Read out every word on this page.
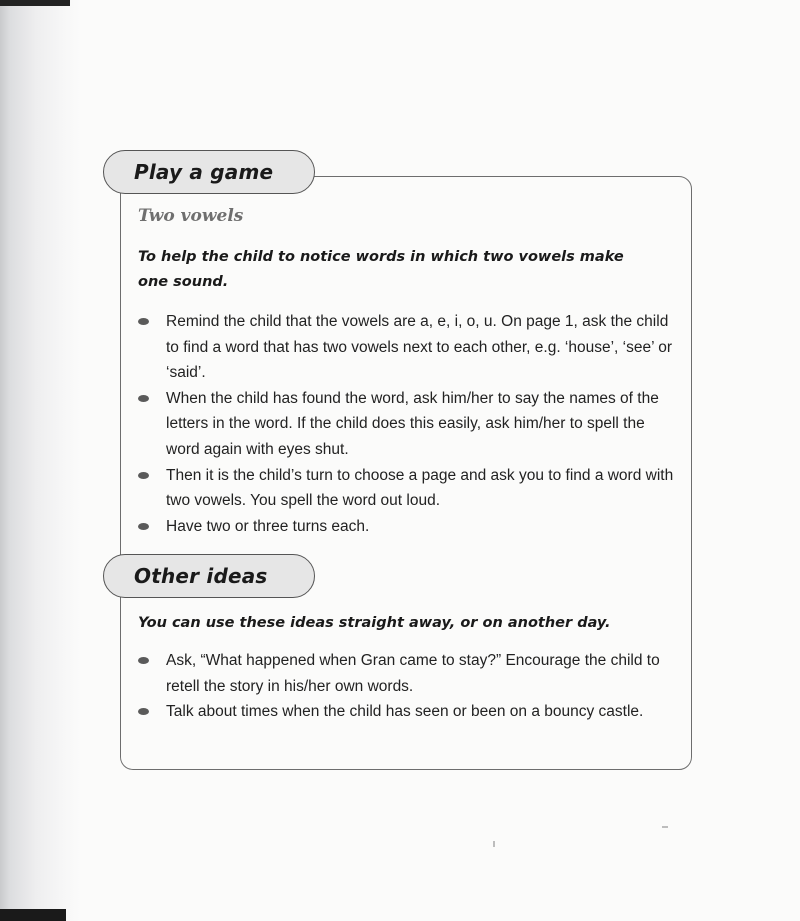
Play a game
Two vowels

To help the child to notice words in which two vowels make one sound.

Remind the child that the vowels are a, e, i, o, u. On page 1, ask the child to find a word that has two vowels next to each other, e.g. ‘house’, ‘see’ or ‘said’.
When the child has found the word, ask him/her to say the names of the letters in the word. If the child does this easily, ask him/her to spell the word again with eyes shut.
Then it is the child’s turn to choose a page and ask you to find a word with two vowels. You spell the word out loud.
Have two or three turns each.
Other ideas

You can use these ideas straight away, or on another day.

Ask, “What happened when Gran came to stay?” Encourage the child to retell the story in his/her own words.
Talk about times when the child has seen or been on a bouncy castle.
